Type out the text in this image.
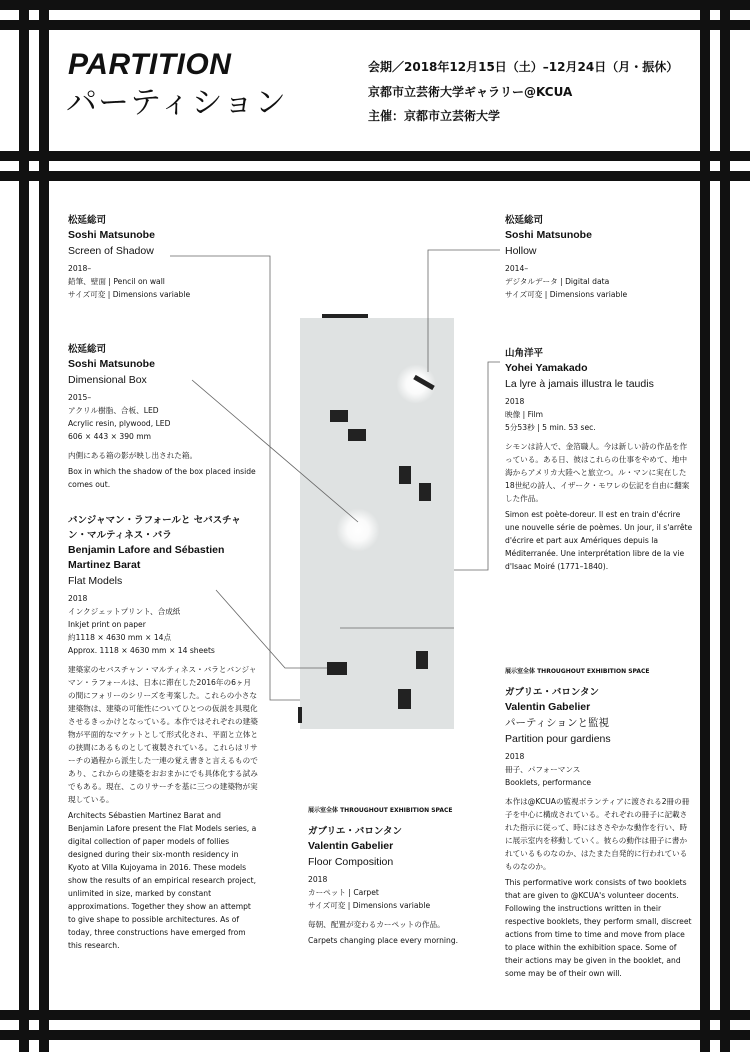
PARTITION
パーティション
会期／2018年12月15日（土）–12月24日（月・振休）
京都市立芸術大学ギャラリー@KCUA
主催：京都市立芸術大学
松延総司
Soshi Matsunobe
Screen of Shadow
2018–
鉛筆、壁面 | Pencil on wall
サイズ可変 | Dimensions variable
松延総司
Soshi Matsunobe
Dimensional Box
2015–
アクリル樹脂、合板、LED
Acrylic resin, plywood, LED
606 × 443 × 390 mm
内側にある箱の影が映し出された箱。
Box in which the shadow of the box placed inside comes out.
バンジャマン・ラフォールと セバスチャン・マルティネス・バラ
Benjamin Lafore and Sébastien Martinez Barat
Flat Models
2018
インクジェットプリント、合成紙
Inkjet print on paper
約1118 × 4630 mm × 14点
Approx. 1118 × 4630 mm × 14 sheets
建築家のセバスチャン・マルティネス・バラとバンジャマン・ラフォールは、日本に滞在した2016年の6ヶ月の間にフォリーのシリーズを考案した。これらの小さな建築物は、建築の可能性についてひとつの仮説を具現化させるきっかけとなっている。本作ではそれぞれの建築物が平面的なマケットとして形式化され、平面と立体との狭間にあるものとして複製されている。これらはリサーチの過程から派生した一連の覚え書きと言えるものであり、これからの建築をおおまかにでも具体化する試みでもある。現在、このリサーチを基に三つの建築物が実現している。
Architects Sébastien Martinez Barat and Benjamin Lafore present the Flat Models series, a digital collection of paper models of follies designed during their six-month residency in Kyoto at Villa Kujoyama in 2016. These models show the results of an empirical research project, unlimited in size, marked by constant approximations. Together they show an attempt to give shape to possible architectures. As of today, three constructions have emerged from this research.
松延総司
Soshi Matsunobe
Hollow
2014–
デジタルデータ | Digital data
サイズ可変 | Dimensions variable
山角洋平
Yohei Yamakado
La lyre à jamais illustra le taudis
2018
映像 | Film
5分53秒 | 5 min. 53 sec.
シモンは詩人で、金箔職人。今は新しい詩の作品を作っている。ある日、彼はこれらの仕事をやめて、地中海からアメリカ大陸へと旅立つ。ル・マンに実在した18世紀の詩人、イザーク・モワレの伝記を自由に翻案した作品。
Simon est poète-doreur. Il est en train d'écrire une nouvelle série de poèmes. Un jour, il s'arrête d'écrire et part aux Amériques depuis la Méditerranée. Une interprétation libre de la vie d'Isaac Moiré (1771–1840).
展示室全体 THROUGHOUT EXHIBITION SPACE
ガブリエ・バロンタン
Valentin Gabelier
パーティションと監視
Partition pour gardiens
2018
冊子、パフォーマンス
Booklets, performance
本作は@KCUAの監視ボランティアに渡される2冊の冊子を中心に構成されている。それぞれの冊子に記載された指示に従って、時にはささやかな動作を行い、時に展示室内を移動していく。彼らの動作は冊子に書かれているものなのか、はたまた自発的に行われているものなのか。
This performative work consists of two booklets that are given to @KCUA's volunteer docents. Following the instructions written in their respective booklets, they perform small, discreet actions from time to time and move from place to place within the exhibition space. Some of their actions may be given in the booklet, and some may be of their own will.
展示室全体 THROUGHOUT EXHIBITION SPACE
ガブリエ・バロンタン
Valentin Gabelier
Floor Composition
2018
カーペット | Carpet
サイズ可変 | Dimensions variable
毎朝、配置が変わるカーペットの作品。
Carpets changing place every morning.
